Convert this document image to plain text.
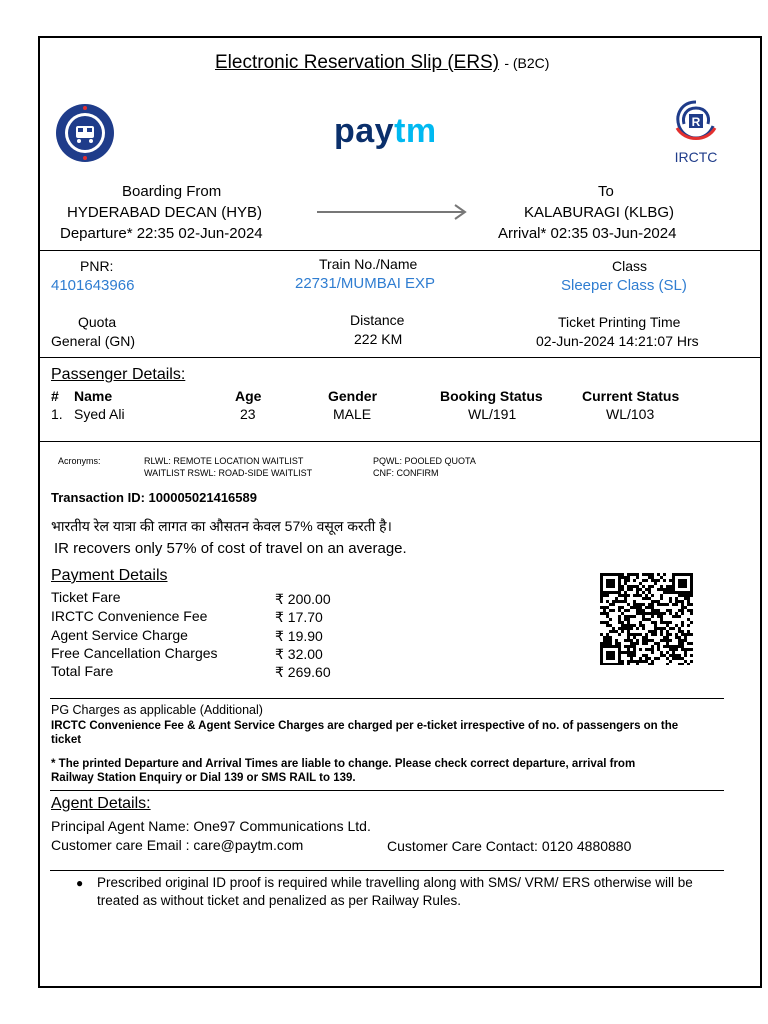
Electronic Reservation Slip (ERS) - (B2C)
paytm	R
IRCTC
Boarding From
HYDERABAD DECAN (HYB)
Departure* 22:35 02-Jun-2024
To
KALABURAGI (KLBG)
Arrival* 02:35 03-Jun-2024
PNR:
4101643966
Train No./Name
22731/MUMBAI EXP
Class
Sleeper Class (SL)
Quota
General (GN)
Distance
222 KM
Ticket Printing Time
02-Jun-2024 14:21:07 Hrs
Passenger Details:
# Name	Age	Gender	Booking Status	Current Status
1. Syed Ali	23	MALE	WL/191	WL/103
Acronyms:	RLWL: REMOTE LOCATION WAITLIST
WAITLIST RSWL: ROAD-SIDE WAITLIST
PQWL: POOLED QUOTA
CNF: CONFIRM
Transaction ID: 100005021416589
भारतीय रेल यात्रा की लागत का औसतन केवल 57% वसूल करती है।
IR recovers only 57% of cost of travel on an average.
Payment Details
Ticket Fare	₹ 200.00
IRCTC Convenience Fee	₹ 17.70
Agent Service Charge	₹ 19.90
Free Cancellation Charges	₹ 32.00
Total Fare	₹ 269.60
PG Charges as applicable (Additional)
IRCTC Convenience Fee & Agent Service Charges are charged per e-ticket irrespective of no. of passengers on the
ticket
* The printed Departure and Arrival Times are liable to change. Please check correct departure, arrival from
Railway Station Enquiry or Dial 139 or SMS RAIL to 139.
Agent Details:
Principal Agent Name: One97 Communications Ltd.
Customer care Email : care@paytm.com	Customer Care Contact: 0120 4880880
● Prescribed original ID proof is required while travelling along with SMS/ VRM/ ERS otherwise will be treated as without ticket and penalized as per Railway Rules.
